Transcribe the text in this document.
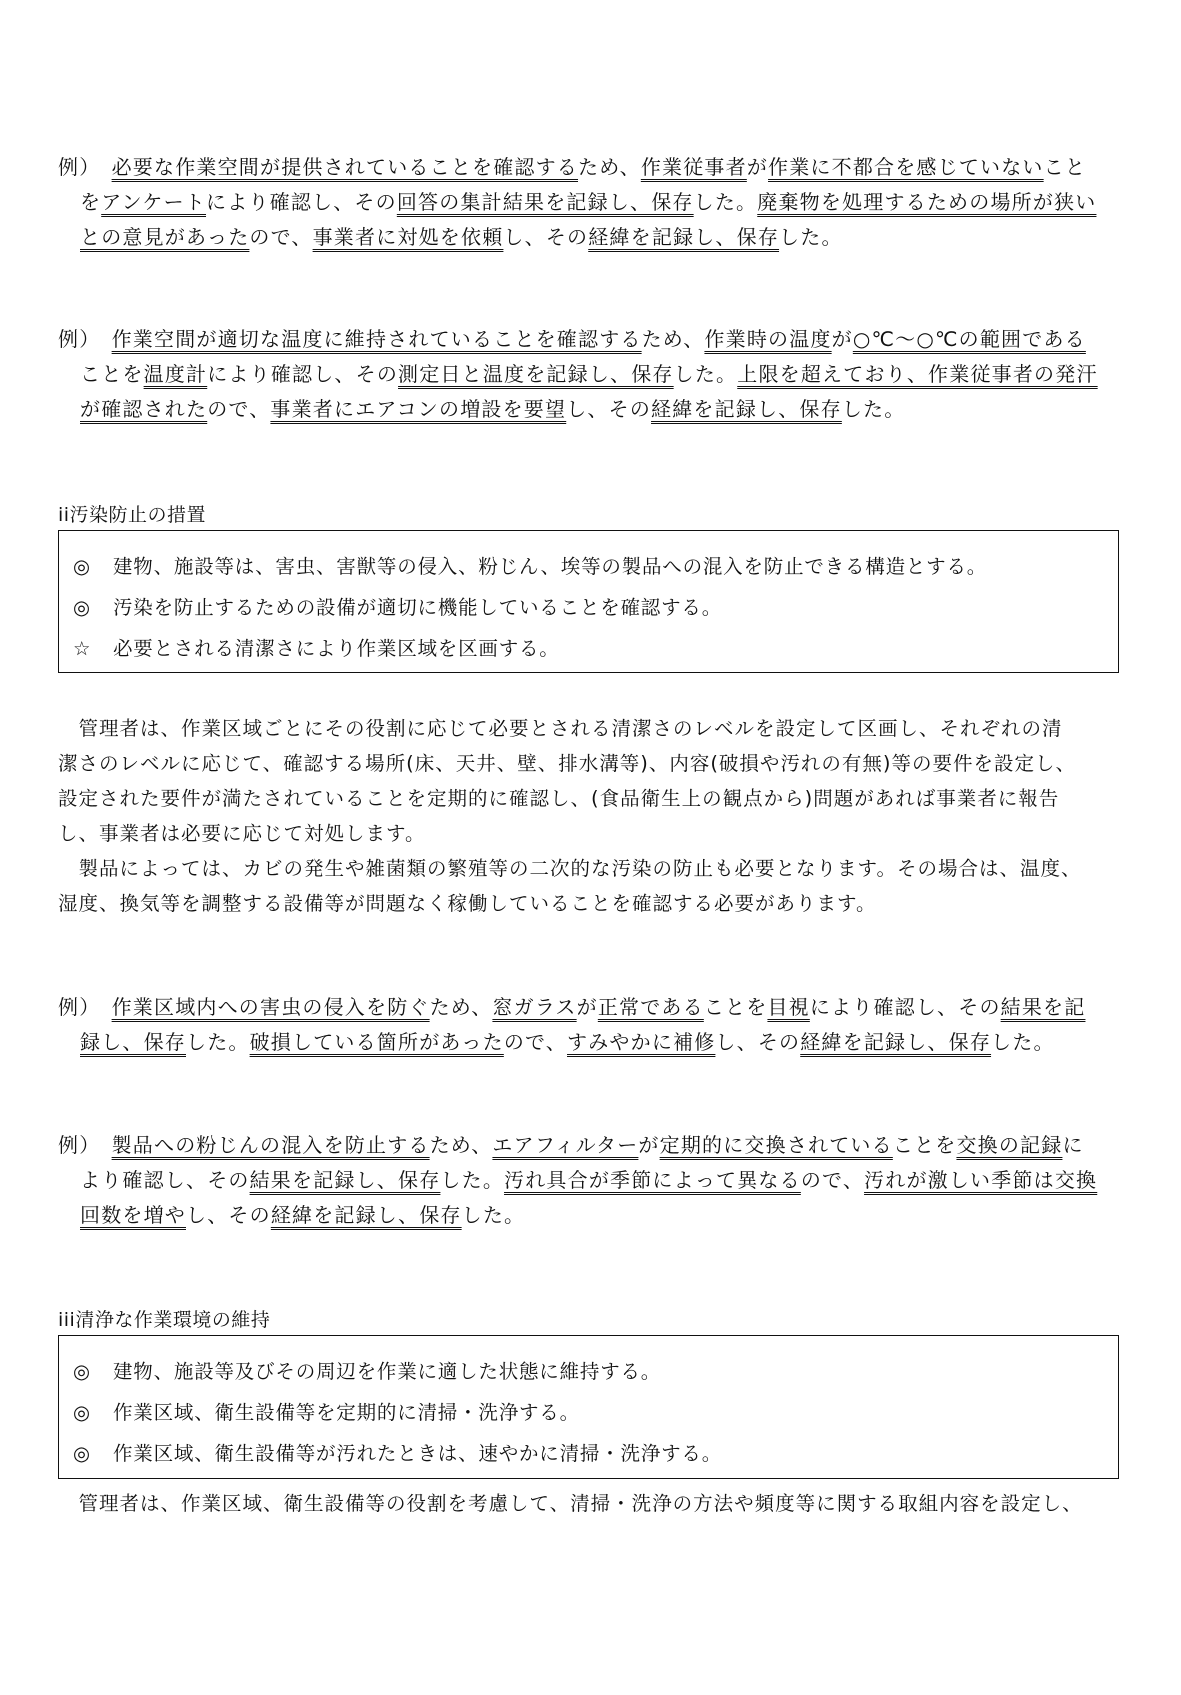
例）　必要な作業空間が提供されていることを確認するため、作業従事者が作業に不都合を感じていないこと
をアンケートにより確認し、その回答の集計結果を記録し、保存した。廃棄物を処理するための場所が狭い
との意見があったので、事業者に対処を依頼し、その経緯を記録し、保存した。
例）　作業空間が適切な温度に維持されていることを確認するため、作業時の温度が○℃～○℃の範囲である
ことを温度計により確認し、その測定日と温度を記録し、保存した。上限を超えており、作業従事者の発汗
が確認されたので、事業者にエアコンの増設を要望し、その経緯を記録し、保存した。
ii汚染防止の措置
◎ 建物、施設等は、害虫、害獣等の侵入、粉じん、埃等の製品への混入を防止できる構造とする。
◎ 汚染を防止するための設備が適切に機能していることを確認する。
☆ 必要とされる清潔さにより作業区域を区画する。
　管理者は、作業区域ごとにその役割に応じて必要とされる清潔さのレベルを設定して区画し、それぞれの清
潔さのレベルに応じて、確認する場所(床、天井、壁、排水溝等)、内容(破損や汚れの有無)等の要件を設定し、
設定された要件が満たされていることを定期的に確認し、(食品衛生上の観点から)問題があれば事業者に報告
し、事業者は必要に応じて対処します。
　製品によっては、カビの発生や雑菌類の繁殖等の二次的な汚染の防止も必要となります。その場合は、温度、
湿度、換気等を調整する設備等が問題なく稼働していることを確認する必要があります。
例）　作業区域内への害虫の侵入を防ぐため、窓ガラスが正常であることを目視により確認し、その結果を記
録し、保存した。破損している箇所があったので、すみやかに補修し、その経緯を記録し、保存した。
例）　製品への粉じんの混入を防止するため、エアフィルターが定期的に交換されていることを交換の記録に
より確認し、その結果を記録し、保存した。汚れ具合が季節によって異なるので、汚れが激しい季節は交換
回数を増やし、その経緯を記録し、保存した。
iii清浄な作業環境の維持
◎ 建物、施設等及びその周辺を作業に適した状態に維持する。
◎ 作業区域、衛生設備等を定期的に清掃・洗浄する。
◎ 作業区域、衛生設備等が汚れたときは、速やかに清掃・洗浄する。
　管理者は、作業区域、衛生設備等の役割を考慮して、清掃・洗浄の方法や頻度等に関する取組内容を設定し、
